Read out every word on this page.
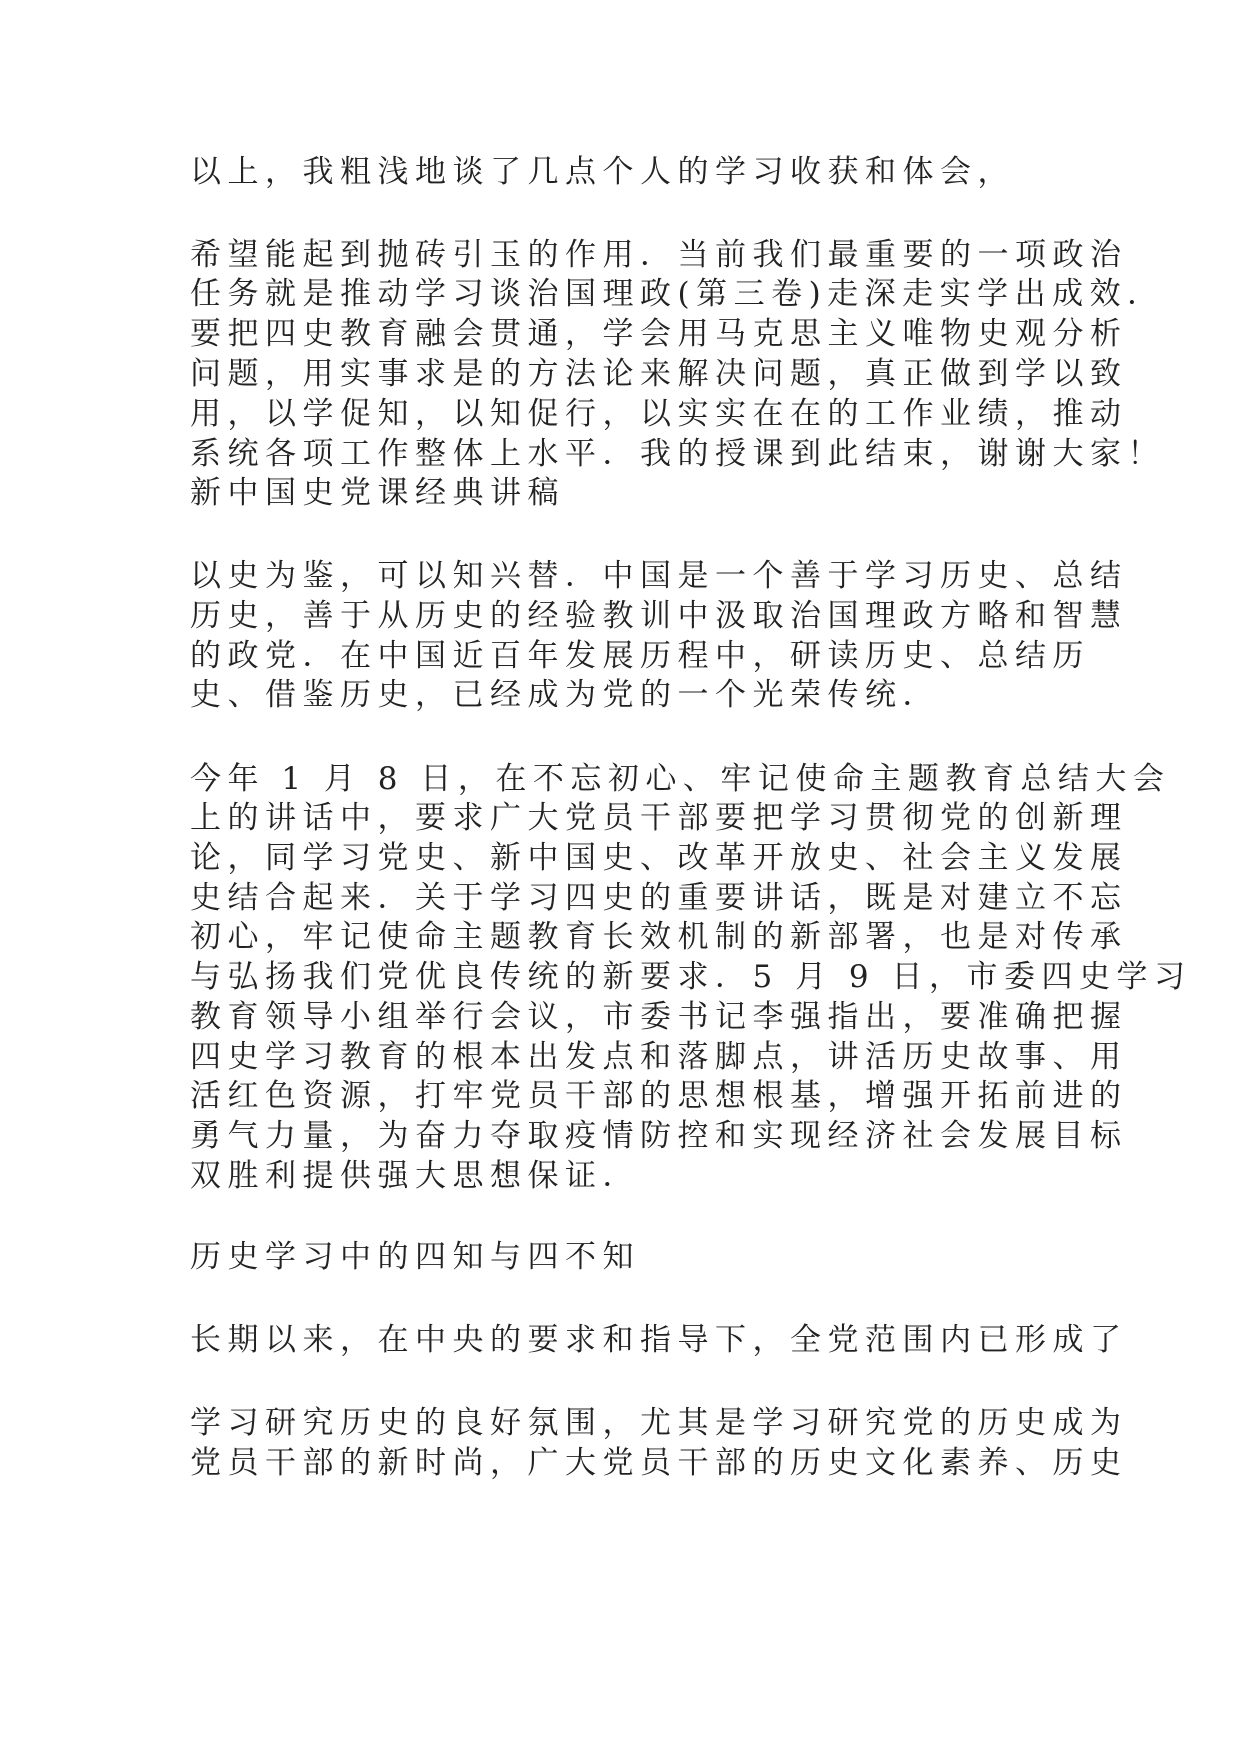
以上，我粗浅地谈了几点个人的学习收获和体会，
希望能起到抛砖引玉的作用．当前我们最重要的一项政治
任务就是推动学习谈治国理政(第三卷)走深走实学出成效．
要把四史教育融会贯通，学会用马克思主义唯物史观分析
问题，用实事求是的方法论来解决问题，真正做到学以致
用，以学促知，以知促行，以实实在在的工作业绩，推动
系统各项工作整体上水平．我的授课到此结束，谢谢大家！
新中国史党课经典讲稿
以史为鉴，可以知兴替．中国是一个善于学习历史、总结
历史，善于从历史的经验教训中汲取治国理政方略和智慧
的政党．在中国近百年发展历程中，研读历史、总结历
史、借鉴历史，已经成为党的一个光荣传统．
今年 1 月 8 日，在不忘初心、牢记使命主题教育总结大会
上的讲话中，要求广大党员干部要把学习贯彻党的创新理
论，同学习党史、新中国史、改革开放史、社会主义发展
史结合起来．关于学习四史的重要讲话，既是对建立不忘
初心，牢记使命主题教育长效机制的新部署，也是对传承
与弘扬我们党优良传统的新要求．5 月 9 日，市委四史学习
教育领导小组举行会议，市委书记李强指出，要准确把握
四史学习教育的根本出发点和落脚点，讲活历史故事、用
活红色资源，打牢党员干部的思想根基，增强开拓前进的
勇气力量，为奋力夺取疫情防控和实现经济社会发展目标
双胜利提供强大思想保证．
历史学习中的四知与四不知
长期以来，在中央的要求和指导下，全党范围内已形成了
学习研究历史的良好氛围，尤其是学习研究党的历史成为
党员干部的新时尚，广大党员干部的历史文化素养、历史
